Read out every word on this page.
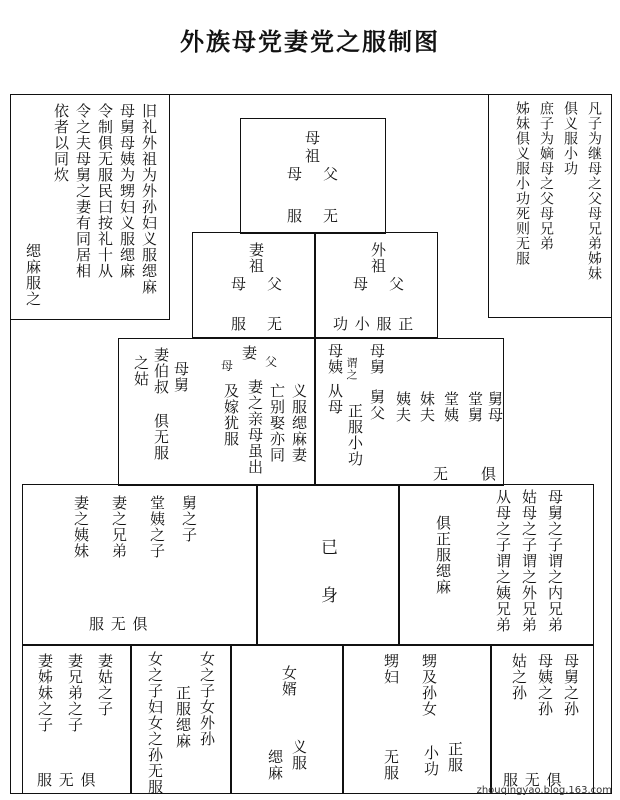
外族母党妻党之服制图
旧礼外祖为外孙妇义服缌麻
母舅母姨为甥妇义服缌麻
令制俱无服民曰按礼十从
令之夫母舅之妻有同居相
依者以同炊
缌麻服之	凡子为继母之父母兄弟姊妹
俱义服小功
庶子为嫡母之父母兄弟
姊妹俱义服小功死则无服
母
祖
母 父
服 无
妻
祖
母 父
服 无
外
祖
母 父
功 小 服 正
母舅
妻伯叔
之姑
俱无服
妻
义服缌麻妻
亡别娶亦同
妻之亲母虽出
及嫁犹服
父
母	母舅
母姨 谓之
从母
正服小功 舅父 姨夫 妹夫 堂姨 堂舅 舅母
无 俱
舅之子
堂姨之子
妻之兄弟
妻之姨妹
服 无 俱
已
身	母舅之子谓之内兄弟
姑母之子谓之外兄弟
从母之子谓之姨兄弟
俱正服缌麻
妻姑之子
妻兄弟之子
妻姊妹之子
服 无 俱
女之子女外孙
正服缌麻
女之子妇女之孙无服	女婿
义服
缌麻
甥及孙女
小功 正服
甥妇
无服
母舅之孙
母姨之孙
姑之孙
服 无 俱
zhouqingyao.blog.163.com
